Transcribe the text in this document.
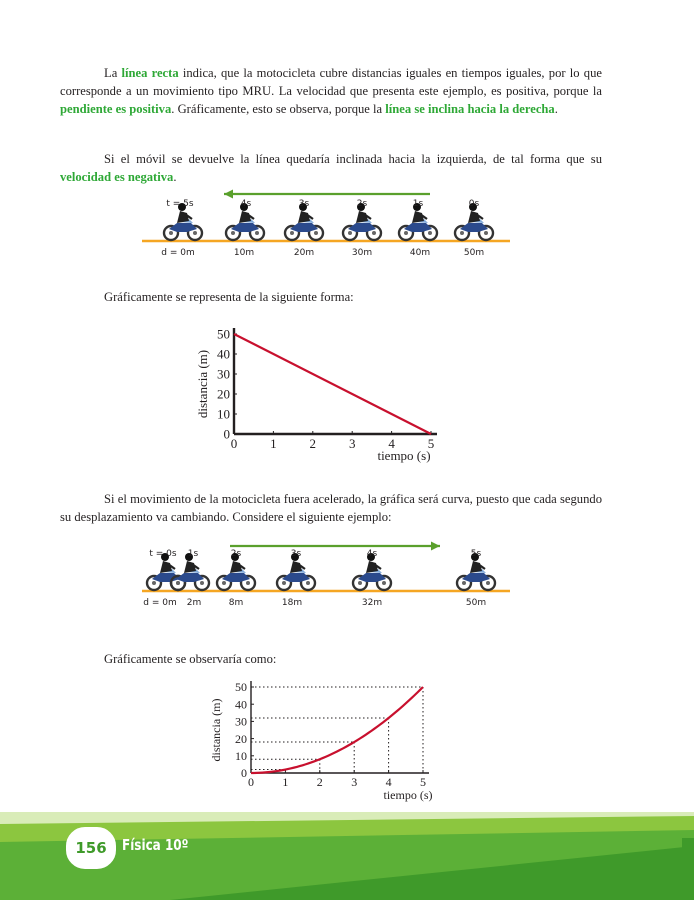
La línea recta indica, que la motocicleta cubre distancias iguales en tiempos iguales, por lo que corresponde a un movimiento tipo MRU. La velocidad que presenta este ejemplo, es positiva, porque la pendiente es positiva. Gráficamente, esto se observa, porque la línea se inclina hacia la derecha.

Si el móvil se devuelve la línea quedaría inclinada hacia la izquierda, de tal forma que su velocidad es negativa.

t = 5s
d = 0m
4s
10m
3s
20m
2s
30m
1s
40m
0s
50m
Gráficamente se representa de la siguiente forma:
0	1	2	3	4	5
0
10
20
30
40
50
tiempo (s)
distancia (m)

Si el movimiento de la motocicleta fuera acelerado, la gráfica será curva, puesto que cada segundo su desplazamiento va cambiando. Considere el siguiente ejemplo:

t = 0s
d = 0m
1s
2m
2s
8m
3s
18m
4s
32m
5s
50m
Gráficamente se observaría como:
0 1 2 3 4 5
0
10
20
30
40
50
tiempo (s)
distancia (m)
156	Física 10º
